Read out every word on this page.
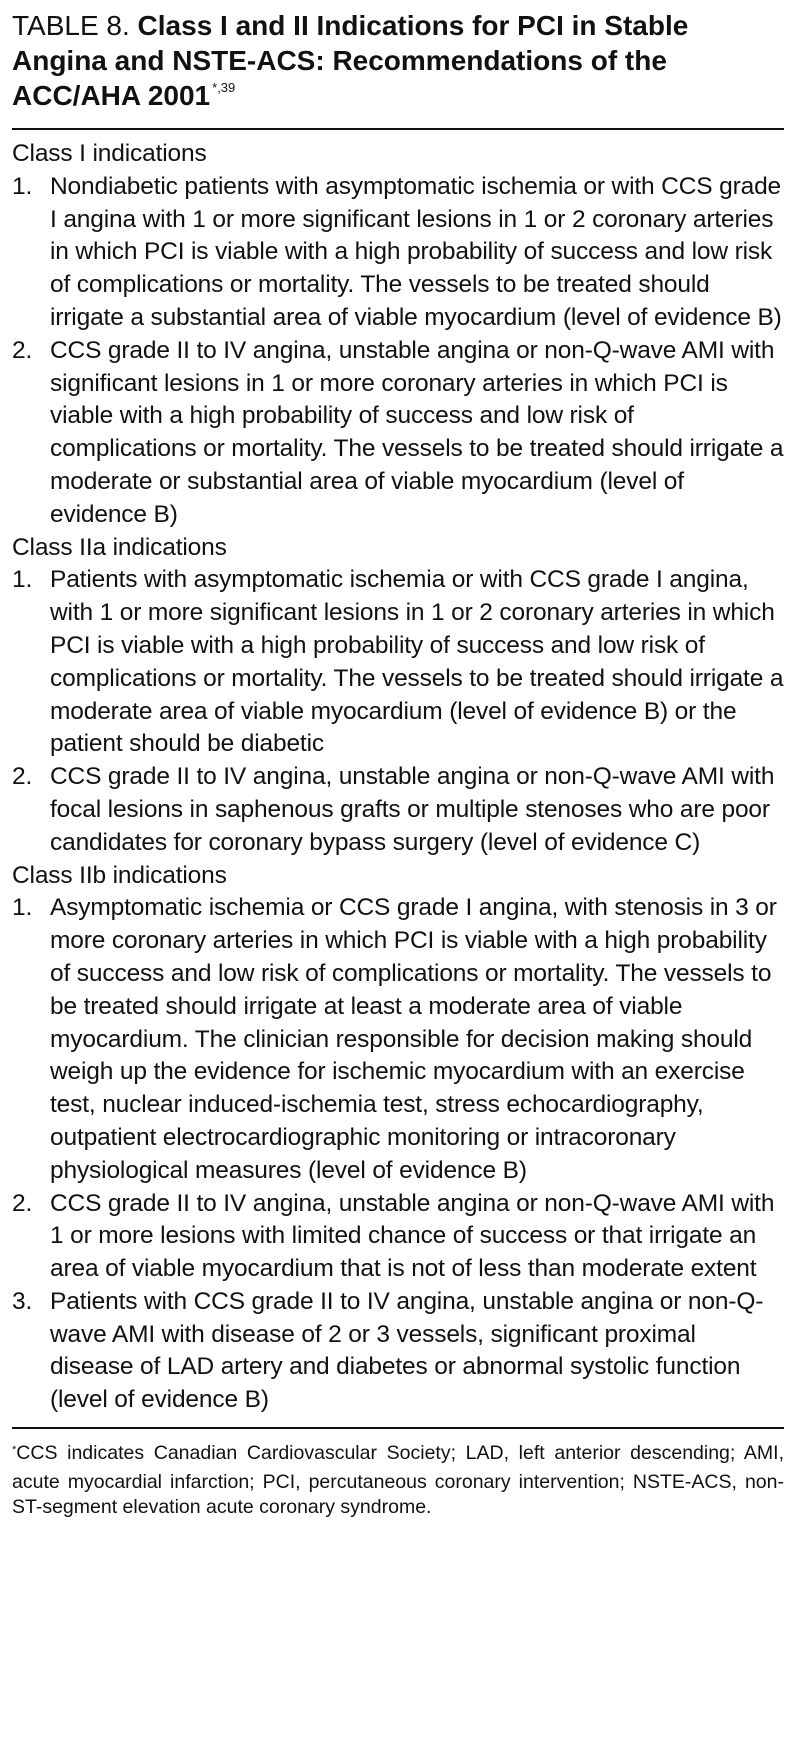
TABLE 8. Class I and II Indications for PCI in Stable Angina and NSTE-ACS: Recommendations of the ACC/AHA 2001 $^{*,39}$
Class I indications
1. Nondiabetic patients with asymptomatic ischemia or with CCS grade I angina with 1 or more significant lesions in 1 or 2 coronary arteries in which PCI is viable with a high probability of success and low risk of complications or mortality. The vessels to be treated should irrigate a substantial area of viable myocardium (level of evidence B)
2. CCS grade II to IV angina, unstable angina or non-Q-wave AMI with significant lesions in 1 or more coronary arteries in which PCI is viable with a high probability of success and low risk of complications or mortality. The vessels to be treated should irrigate a moderate or substantial area of viable myocardium (level of evidence B)
Class IIa indications
1. Patients with asymptomatic ischemia or with CCS grade I angina, with 1 or more significant lesions in 1 or 2 coronary arteries in which PCI is viable with a high probability of success and low risk of complications or mortality. The vessels to be treated should irrigate a moderate area of viable myocardium (level of evidence B) or the patient should be diabetic
2. CCS grade II to IV angina, unstable angina or non-Q-wave AMI with focal lesions in saphenous grafts or multiple stenoses who are poor candidates for coronary bypass surgery (level of evidence C)
Class IIb indications
1. Asymptomatic ischemia or CCS grade I angina, with stenosis in 3 or more coronary arteries in which PCI is viable with a high probability of success and low risk of complications or mortality. The vessels to be treated should irrigate at least a moderate area of viable myocardium. The clinician responsible for decision making should weigh up the evidence for ischemic myocardium with an exercise test, nuclear induced-ischemia test, stress echocardiography, outpatient electrocardiographic monitoring or intracoronary physiological measures (level of evidence B)
2. CCS grade II to IV angina, unstable angina or non-Q-wave AMI with 1 or more lesions with limited chance of success or that irrigate an area of viable myocardium that is not of less than moderate extent
3. Patients with CCS grade II to IV angina, unstable angina or non-Q-wave AMI with disease of 2 or 3 vessels, significant proximal disease of LAD artery and diabetes or abnormal systolic function (level of evidence B)
*CCS indicates Canadian Cardiovascular Society; LAD, left anterior descending; AMI, acute myocardial infarction; PCI, percutaneous coronary intervention; NSTE-ACS, non-ST-segment elevation acute coronary syndrome.
